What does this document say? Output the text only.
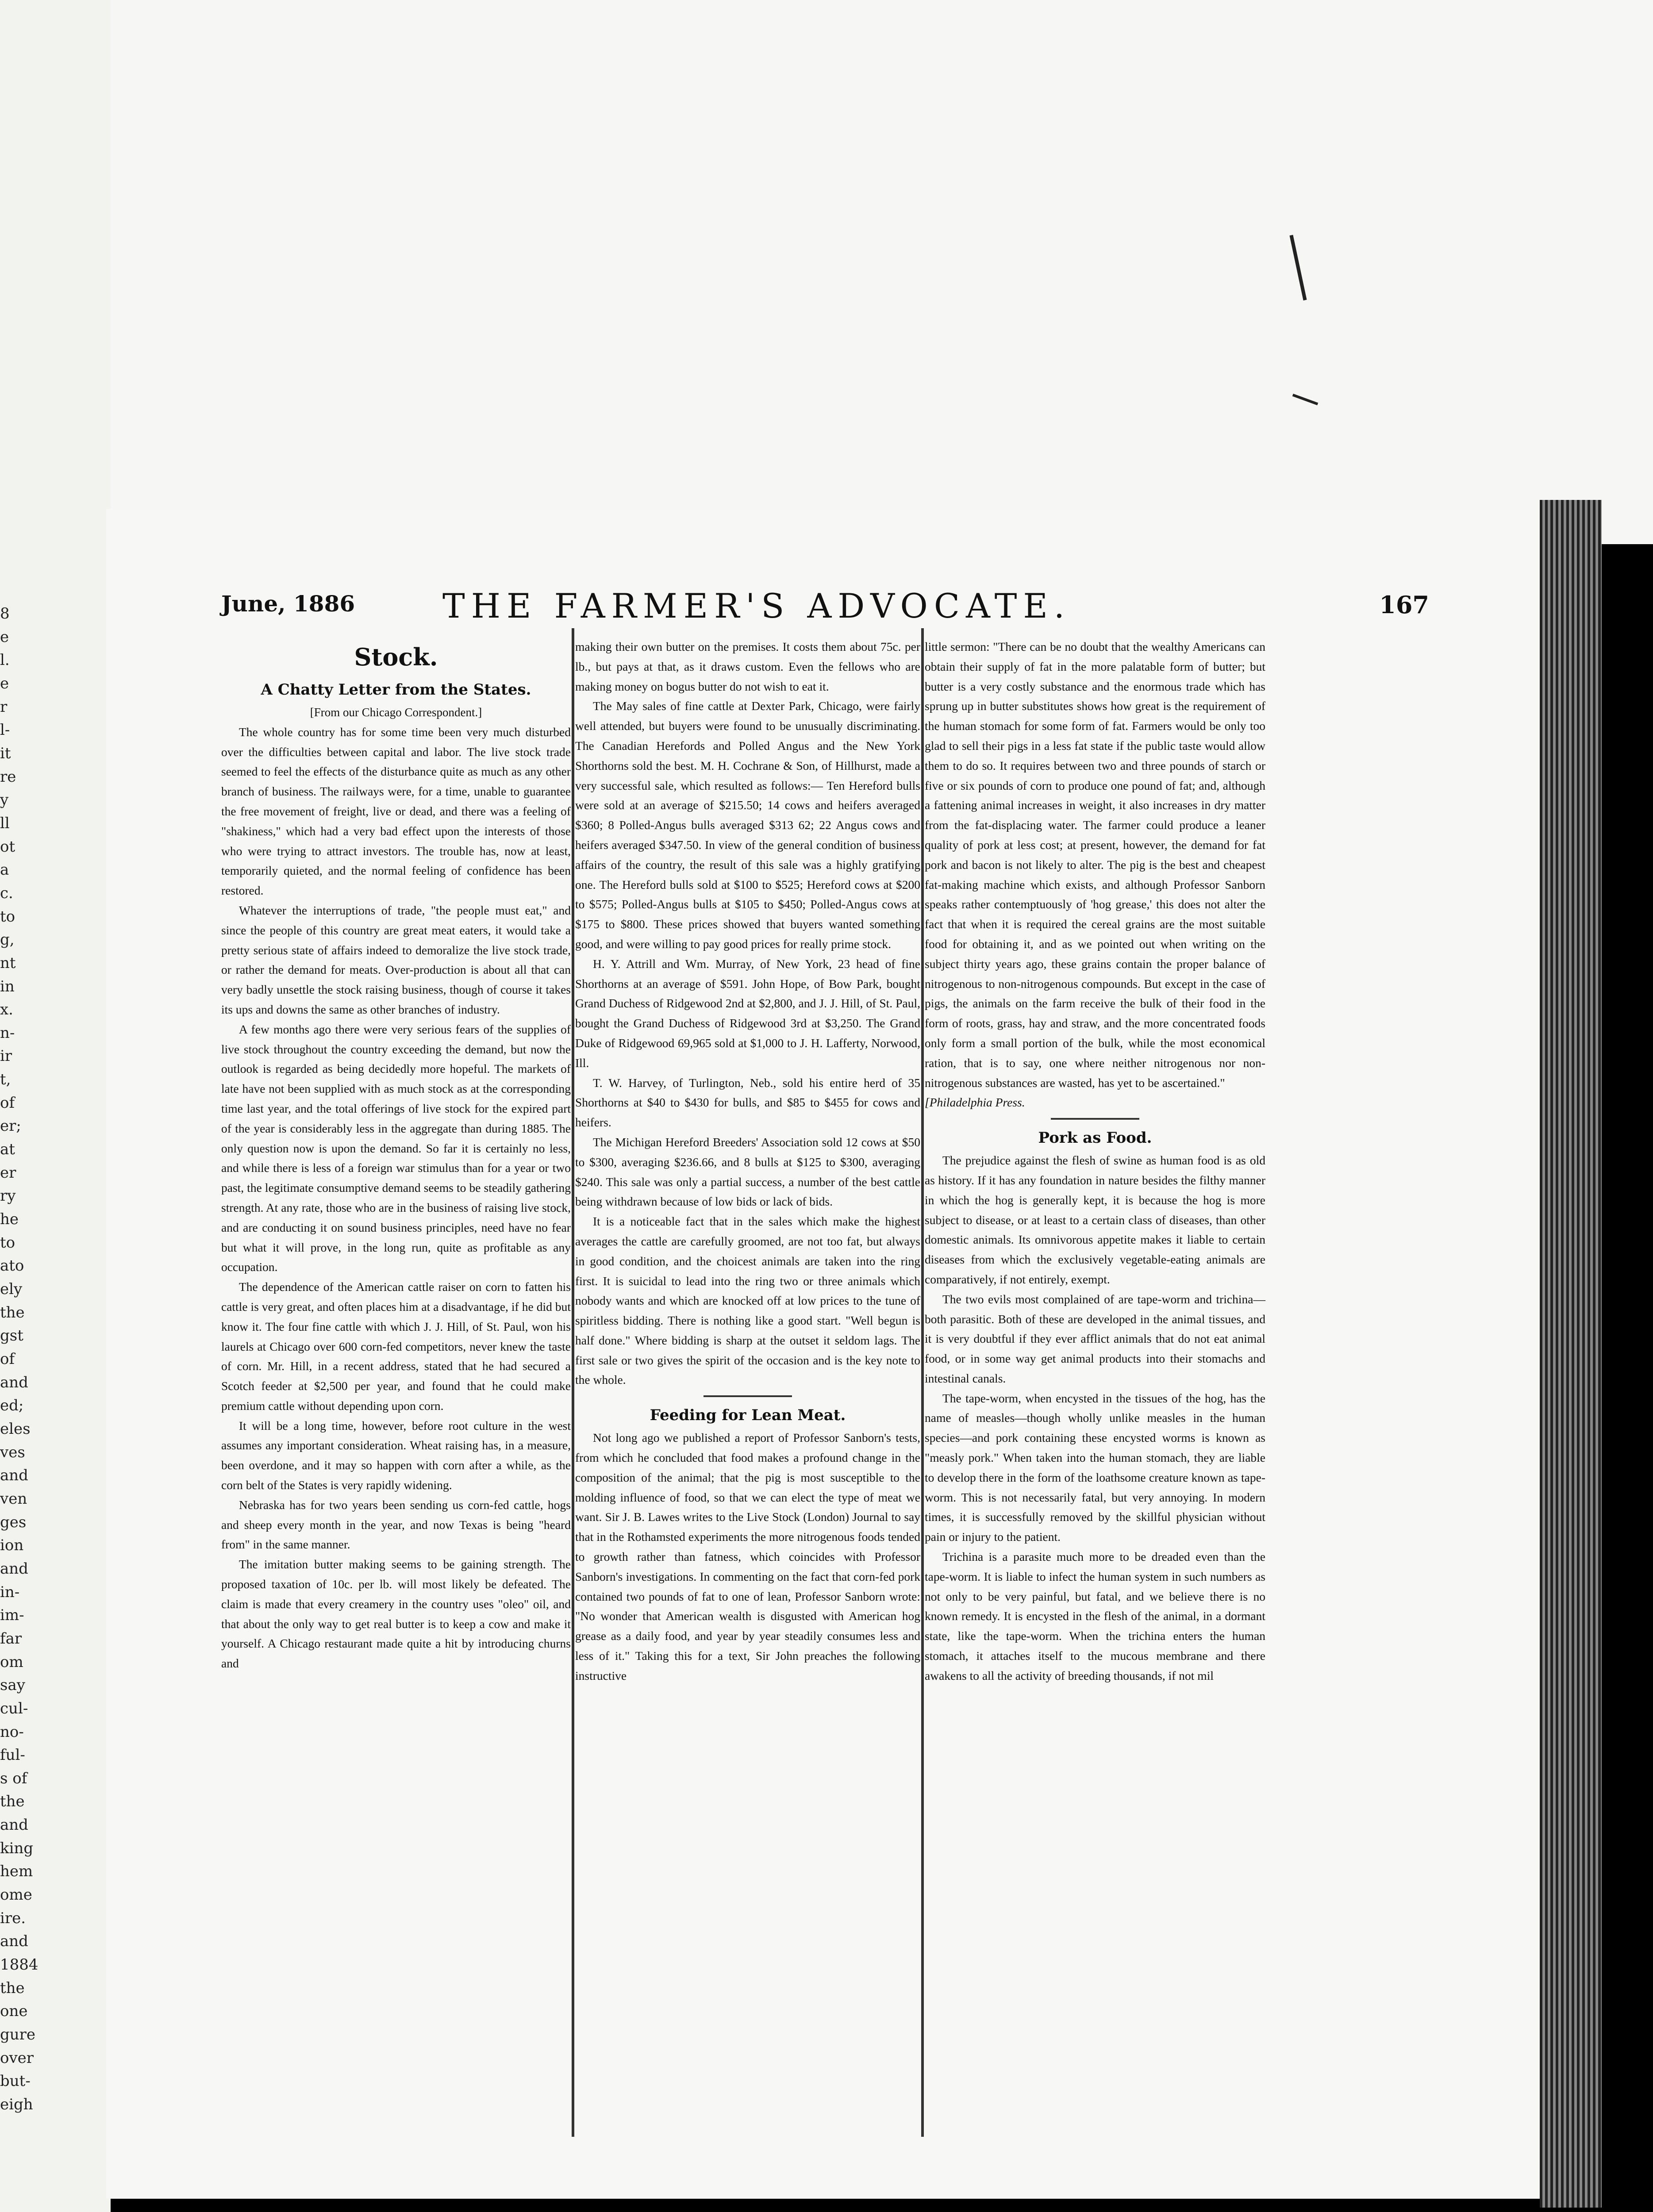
8
e
l.
e
r
l-
it
re
y
ll
ot
a
c.
to
g,
nt
in
x.
n-
ir
t,
of
er;
at
er
ry
he
to
ato
ely
the
gst
of
and
ed;
eles
ves
and
ven
ges
ion
and
in-
im-
far
om
say
cul-
no-
ful-
s of
the
and
king
hem
ome
ire.
and
1884
the
one
gure
over
but-
eigh
June, 1886	THE FARMER'S ADVOCATE.	167

Stock.

A Chatty Letter from the States.

[From our Chicago Correspondent.]

The whole country has for some time been very much disturbed over the difficulties between capital and labor. The live stock trade seemed to feel the effects of the disturbance quite as much as any other branch of business. The railways were, for a time, unable to guarantee the free movement of freight, live or dead, and there was a feeling of "shakiness," which had a very bad effect upon the interests of those who were trying to attract investors. The trouble has, now at least, temporarily quieted, and the normal feeling of confidence has been restored.

Whatever the interruptions of trade, "the people must eat," and since the people of this country are great meat eaters, it would take a pretty serious state of affairs indeed to demoralize the live stock trade, or rather the demand for meats. Over-production is about all that can very badly unsettle the stock raising business, though of course it takes its ups and downs the same as other branches of industry.

A few months ago there were very serious fears of the supplies of live stock throughout the country exceeding the demand, but now the outlook is regarded as being decidedly more hopeful. The markets of late have not been supplied with as much stock as at the corresponding time last year, and the total offerings of live stock for the expired part of the year is considerably less in the aggregate than during 1885. The only question now is upon the demand. So far it is certainly no less, and while there is less of a foreign war stimulus than for a year or two past, the legitimate consumptive demand seems to be steadily gathering strength. At any rate, those who are in the business of raising live stock, and are conducting it on sound business principles, need have no fear but what it will prove, in the long run, quite as profitable as any occupation.

The dependence of the American cattle raiser on corn to fatten his cattle is very great, and often places him at a disadvantage, if he did but know it. The four fine cattle with which J. J. Hill, of St. Paul, won his laurels at Chicago over 600 corn-fed competitors, never knew the taste of corn. Mr. Hill, in a recent address, stated that he had secured a Scotch feeder at $2,500 per year, and found that he could make premium cattle without depending upon corn.

It will be a long time, however, before root culture in the west assumes any important consideration. Wheat raising has, in a measure, been overdone, and it may so happen with corn after a while, as the corn belt of the States is very rapidly widening.

Nebraska has for two years been sending us corn-fed cattle, hogs and sheep every month in the year, and now Texas is being "heard from" in the same manner.

The imitation butter making seems to be gaining strength. The proposed taxation of 10c. per lb. will most likely be defeated. The claim is made that every creamery in the country uses "oleo" oil, and that about the only way to get real butter is to keep a cow and make it yourself. A Chicago restaurant made quite a hit by introducing churns and

making their own butter on the premises. It costs them about 75c. per lb., but pays at that, as it draws custom. Even the fellows who are making money on bogus butter do not wish to eat it.

The May sales of fine cattle at Dexter Park, Chicago, were fairly well attended, but buyers were found to be unusually discriminating. The Canadian Herefords and Polled Angus and the New York Shorthorns sold the best. M. H. Cochrane & Son, of Hillhurst, made a very successful sale, which resulted as follows:— Ten Hereford bulls were sold at an average of $215.50; 14 cows and heifers averaged $360; 8 Polled-Angus bulls averaged $313 62; 22 Angus cows and heifers averaged $347.50. In view of the general condition of business affairs of the country, the result of this sale was a highly gratifying one. The Hereford bulls sold at $100 to $525; Hereford cows at $200 to $575; Polled-Angus bulls at $105 to $450; Polled-Angus cows at $175 to $800. These prices showed that buyers wanted something good, and were willing to pay good prices for really prime stock.

H. Y. Attrill and Wm. Murray, of New York, 23 head of fine Shorthorns at an average of $591. John Hope, of Bow Park, bought Grand Duchess of Ridgewood 2nd at $2,800, and J. J. Hill, of St. Paul, bought the Grand Duchess of Ridgewood 3rd at $3,250. The Grand Duke of Ridgewood 69,965 sold at $1,000 to J. H. Lafferty, Norwood, Ill.

T. W. Harvey, of Turlington, Neb., sold his entire herd of 35 Shorthorns at $40 to $430 for bulls, and $85 to $455 for cows and heifers.

The Michigan Hereford Breeders' Association sold 12 cows at $50 to $300, averaging $236.66, and 8 bulls at $125 to $300, averaging $240. This sale was only a partial success, a number of the best cattle being withdrawn because of low bids or lack of bids.

It is a noticeable fact that in the sales which make the highest averages the cattle are carefully groomed, are not too fat, but always in good condition, and the choicest animals are taken into the ring first. It is suicidal to lead into the ring two or three animals which nobody wants and which are knocked off at low prices to the tune of spiritless bidding. There is nothing like a good start. "Well begun is half done." Where bidding is sharp at the outset it seldom lags. The first sale or two gives the spirit of the occasion and is the key note to the whole.

Feeding for Lean Meat.

Not long ago we published a report of Professor Sanborn's tests, from which he concluded that food makes a profound change in the composition of the animal; that the pig is most susceptible to the molding influence of food, so that we can elect the type of meat we want. Sir J. B. Lawes writes to the Live Stock (London) Journal to say that in the Rothamsted experiments the more nitrogenous foods tended to growth rather than fatness, which coincides with Professor Sanborn's investigations. In commenting on the fact that corn-fed pork contained two pounds of fat to one of lean, Professor Sanborn wrote: "No wonder that American wealth is disgusted with American hog grease as a daily food, and year by year steadily consumes less and less of it." Taking this for a text, Sir John preaches the following instructive

little sermon: "There can be no doubt that the wealthy Americans can obtain their supply of fat in the more palatable form of butter; but butter is a very costly substance and the enormous trade which has sprung up in butter substitutes shows how great is the requirement of the human stomach for some form of fat. Farmers would be only too glad to sell their pigs in a less fat state if the public taste would allow them to do so. It requires between two and three pounds of starch or five or six pounds of corn to produce one pound of fat; and, although a fattening animal increases in weight, it also increases in dry matter from the fat-displacing water. The farmer could produce a leaner quality of pork at less cost; at present, however, the demand for fat pork and bacon is not likely to alter. The pig is the best and cheapest fat-making machine which exists, and although Professor Sanborn speaks rather contemptuously of 'hog grease,' this does not alter the fact that when it is required the cereal grains are the most suitable food for obtaining it, and as we pointed out when writing on the subject thirty years ago, these grains contain the proper balance of nitrogenous to non-nitrogenous compounds. But except in the case of pigs, the animals on the farm receive the bulk of their food in the form of roots, grass, hay and straw, and the more concentrated foods only form a small portion of the bulk, while the most economical ration, that is to say, one where neither nitrogenous nor non-nitrogenous substances are wasted, has yet to be ascertained."

[Philadelphia Press.

Pork as Food.

The prejudice against the flesh of swine as human food is as old as history. If it has any foundation in nature besides the filthy manner in which the hog is generally kept, it is because the hog is more subject to disease, or at least to a certain class of diseases, than other domestic animals. Its omnivorous appetite makes it liable to certain diseases from which the exclusively vegetable-eating animals are comparatively, if not entirely, exempt.

The two evils most complained of are tape-worm and trichina—both parasitic. Both of these are developed in the animal tissues, and it is very doubtful if they ever afflict animals that do not eat animal food, or in some way get animal products into their stomachs and intestinal canals.

The tape-worm, when encysted in the tissues of the hog, has the name of measles—though wholly unlike measles in the human species—and pork containing these encysted worms is known as "measly pork." When taken into the human stomach, they are liable to develop there in the form of the loathsome creature known as tape-worm. This is not necessarily fatal, but very annoying. In modern times, it is successfully removed by the skillful physician without pain or injury to the patient.

Trichina is a parasite much more to be dreaded even than the tape-worm. It is liable to infect the human system in such numbers as not only to be very painful, but fatal, and we believe there is no known remedy. It is encysted in the flesh of the animal, in a dormant state, like the tape-worm. When the trichina enters the human stomach, it attaches itself to the mucous membrane and there awakens to all the activity of breeding thousands, if not mil
